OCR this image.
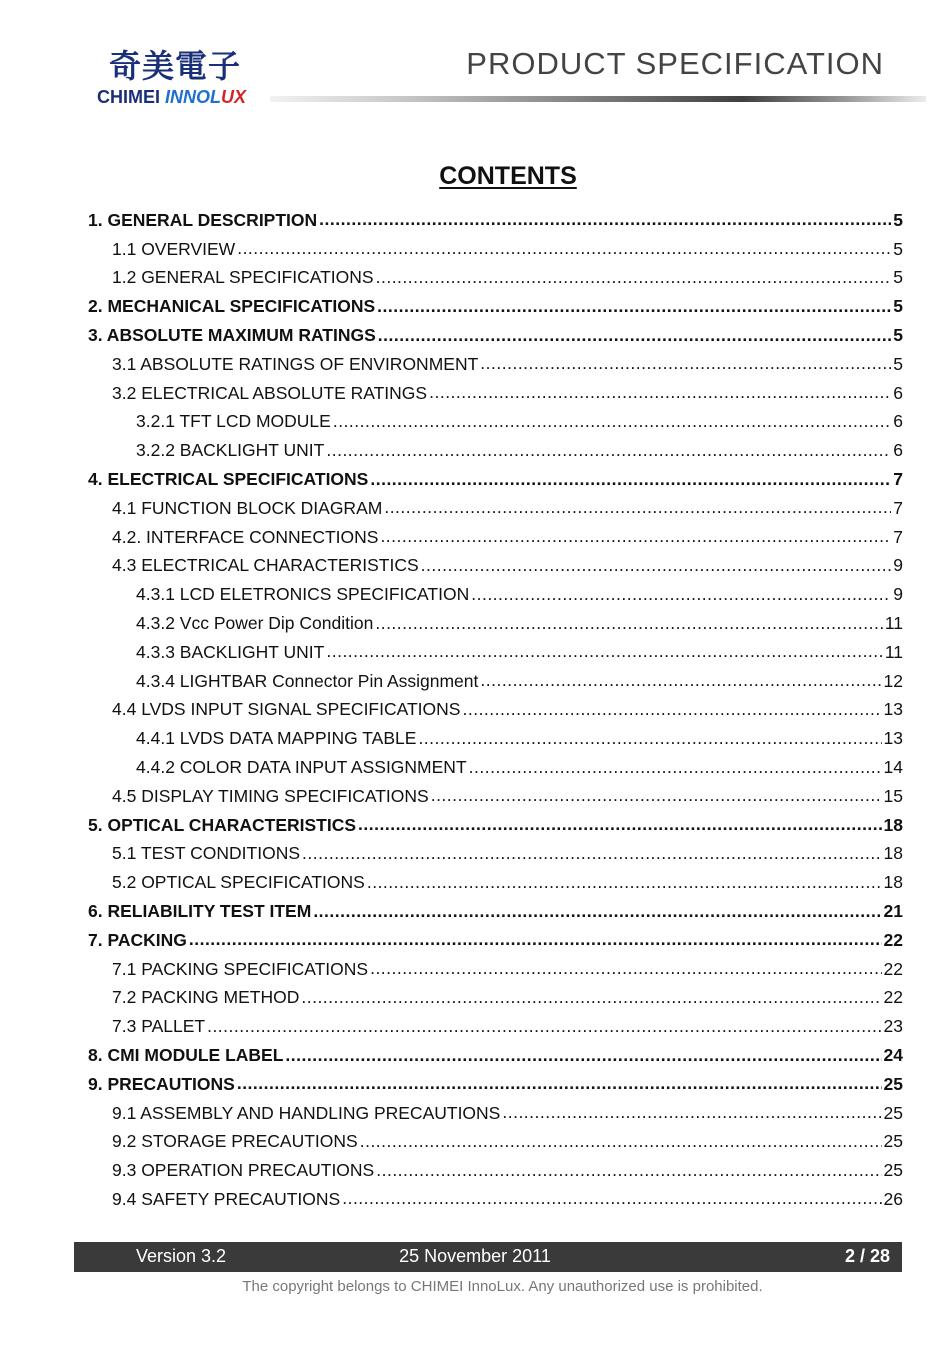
奇美電子
CHIMEI INNOLUX
PRODUCT SPECIFICATION
CONTENTS
1. GENERAL DESCRIPTION .....	5
1.1 OVERVIEW .....	5
1.2 GENERAL SPECIFICATIONS .....	5
2. MECHANICAL SPECIFICATIONS .....	5
3. ABSOLUTE MAXIMUM RATINGS .....	5
3.1 ABSOLUTE RATINGS OF ENVIRONMENT .....	5
3.2 ELECTRICAL ABSOLUTE RATINGS .....	6
3.2.1 TFT LCD MODULE .....	6
3.2.2 BACKLIGHT UNIT .....	6
4. ELECTRICAL SPECIFICATIONS .....	7
4.1 FUNCTION BLOCK DIAGRAM .....	7
4.2. INTERFACE CONNECTIONS .....	7
4.3 ELECTRICAL CHARACTERISTICS .....	9
4.3.1 LCD ELETRONICS SPECIFICATION .....	9
4.3.2 Vcc Power Dip Condition .....	11
4.3.3 BACKLIGHT UNIT .....	11
4.3.4 LIGHTBAR Connector Pin Assignment .....	12
4.4 LVDS INPUT SIGNAL SPECIFICATIONS .....	13
4.4.1 LVDS DATA MAPPING TABLE .....	13
4.4.2 COLOR DATA INPUT ASSIGNMENT .....	14
4.5 DISPLAY TIMING SPECIFICATIONS .....	15
5. OPTICAL CHARACTERISTICS .....	18
5.1 TEST CONDITIONS .....	18
5.2 OPTICAL SPECIFICATIONS .....	18
6. RELIABILITY TEST ITEM .....	21
7. PACKING .....	22
7.1 PACKING SPECIFICATIONS .....	22
7.2 PACKING METHOD .....	22
7.3 PALLET .....	23
8. CMI MODULE LABEL .....	24
9. PRECAUTIONS .....	25
9.1 ASSEMBLY AND HANDLING PRECAUTIONS .....	25
9.2 STORAGE PRECAUTIONS .....	25
9.3 OPERATION PRECAUTIONS .....	25
9.4 SAFETY PRECAUTIONS .....	26
Version 3.2	25 November 2011	2 / 28
The copyright belongs to CHIMEI InnoLux. Any unauthorized use is prohibited.
